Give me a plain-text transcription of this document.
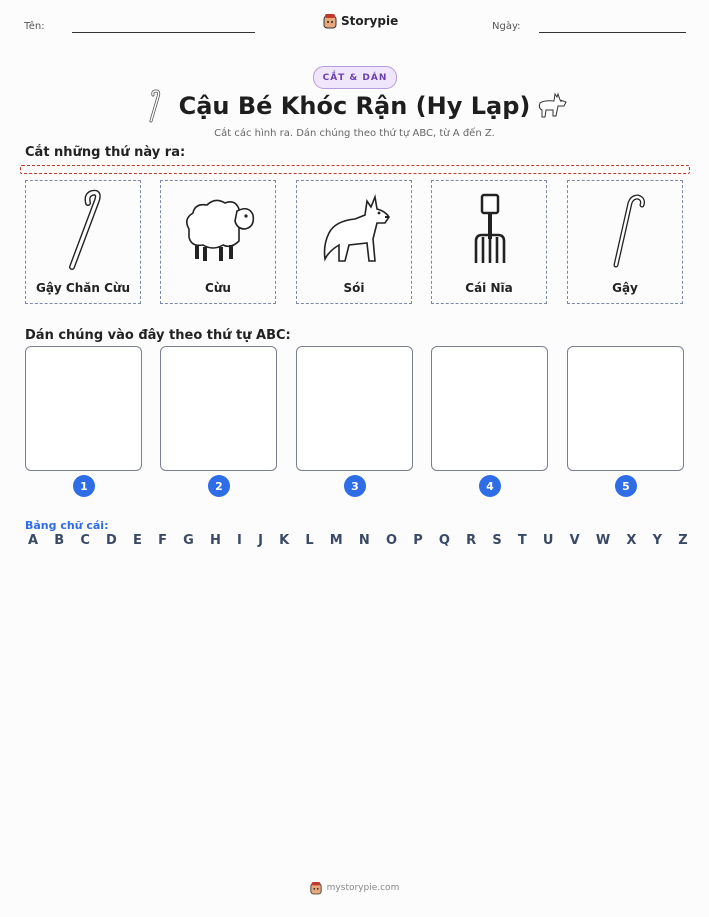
Tên:	Storypie	Ngày:
CẮT & DÁN
Cậu Bé Khóc Rận (Hy Lạp)
Cắt các hình ra. Dán chúng theo thứ tự ABC, từ A đến Z.
Cắt những thứ này ra:
Gậy Chăn Cừu	Cừu	Sói	Cái Nĩa	Gậy
Dán chúng vào đây theo thứ tự ABC:
1	2	3	4	5
Bảng chữ cái:
A B C D E F G H I J K L M N O P Q R S T U V W X Y Z
mystorypie.com
